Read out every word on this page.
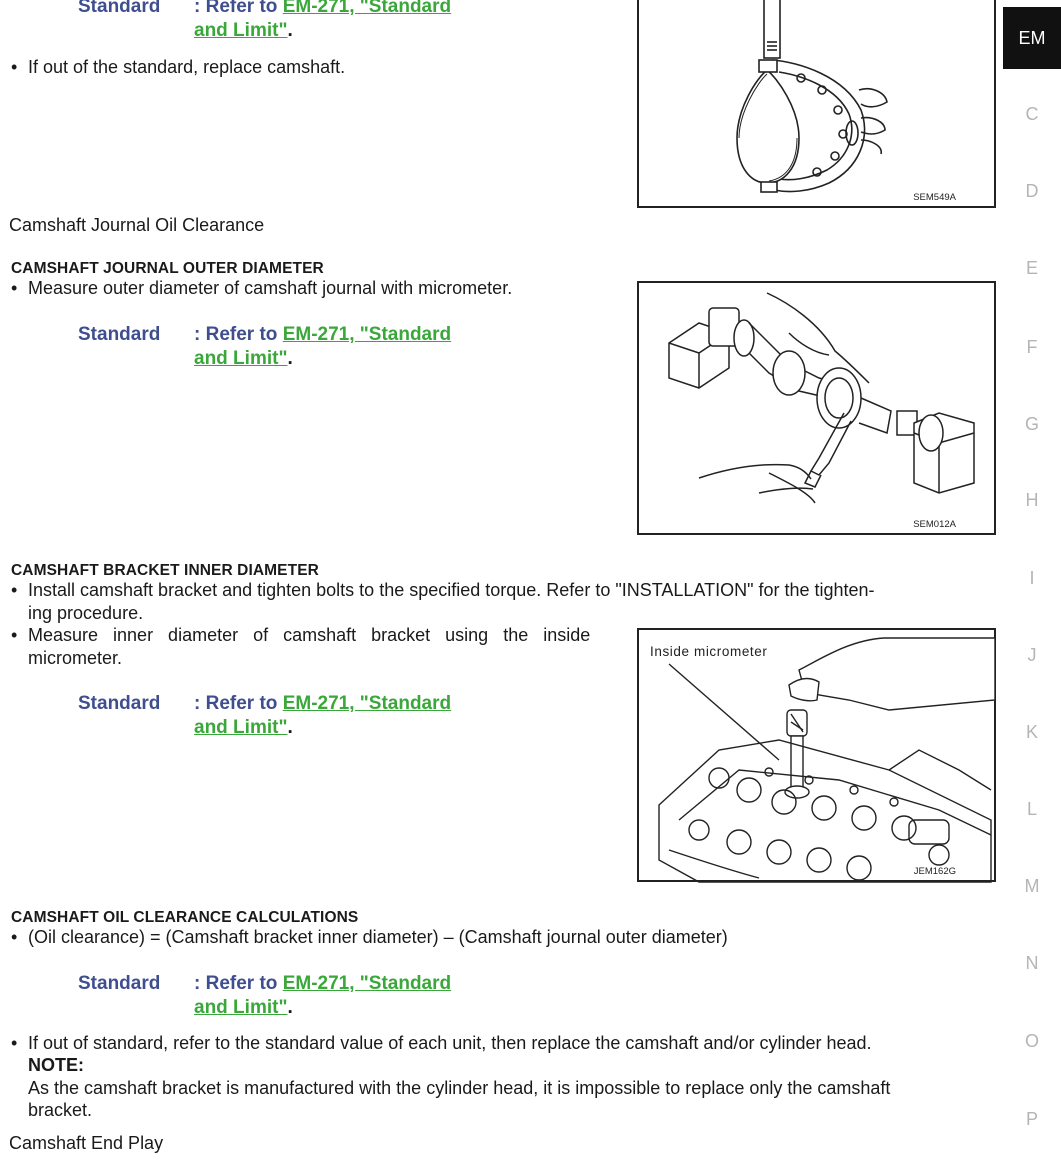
Standard : Refer to EM-271, "Standard
and Limit".
• If out of the standard, replace camshaft.
Camshaft Journal Oil Clearance
CAMSHAFT JOURNAL OUTER DIAMETER
• Measure outer diameter of camshaft journal with micrometer.
Standard : Refer to EM-271, "Standard
and Limit".
CAMSHAFT BRACKET INNER DIAMETER
• Install camshaft bracket and tighten bolts to the specified torque. Refer to "INSTALLATION" for the tighten-
ing procedure.
• Measure inner diameter of camshaft bracket using the inside
micrometer.
Standard : Refer to EM-271, "Standard
and Limit".
CAMSHAFT OIL CLEARANCE CALCULATIONS
• (Oil clearance) = (Camshaft bracket inner diameter) – (Camshaft journal outer diameter)
Standard : Refer to EM-271, "Standard
and Limit".
• If out of standard, refer to the standard value of each unit, then replace the camshaft and/or cylinder head.
NOTE:
As the camshaft bracket is manufactured with the cylinder head, it is impossible to replace only the camshaft
bracket.
Camshaft End Play
SEM549A
SEM012A
Inside micrometer
JEM162G
EM
C
D
E
F
G
H
I
J
K
L
M
N
O
P
